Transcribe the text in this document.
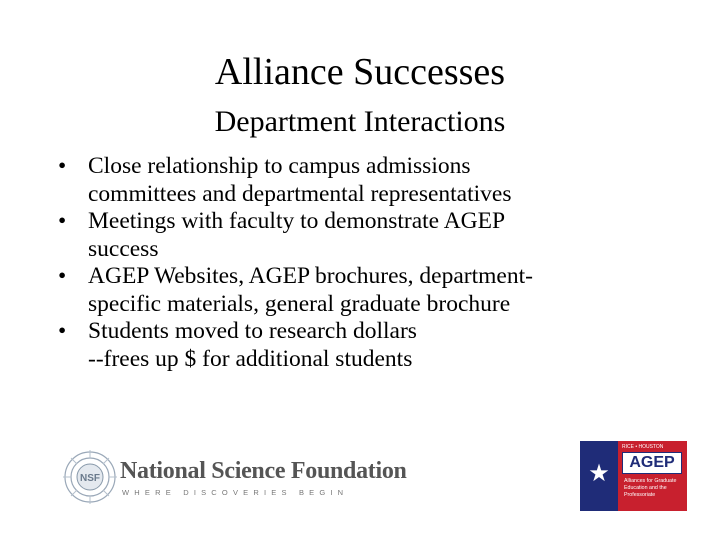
Alliance Successes
Department Interactions
• Close relationship to campus admissions
committees and departmental representatives
• Meetings with faculty to demonstrate AGEP
success
• AGEP Websites, AGEP brochures, department-
specific materials, general graduate brochure
• Students moved to research dollars
--frees up $ for additional students
NSF National Science Foundation
WHERE DISCOVERIES BEGIN
★
RICE • HOUSTON
AGEP
Alliances for Graduate Education and the Professoriate
